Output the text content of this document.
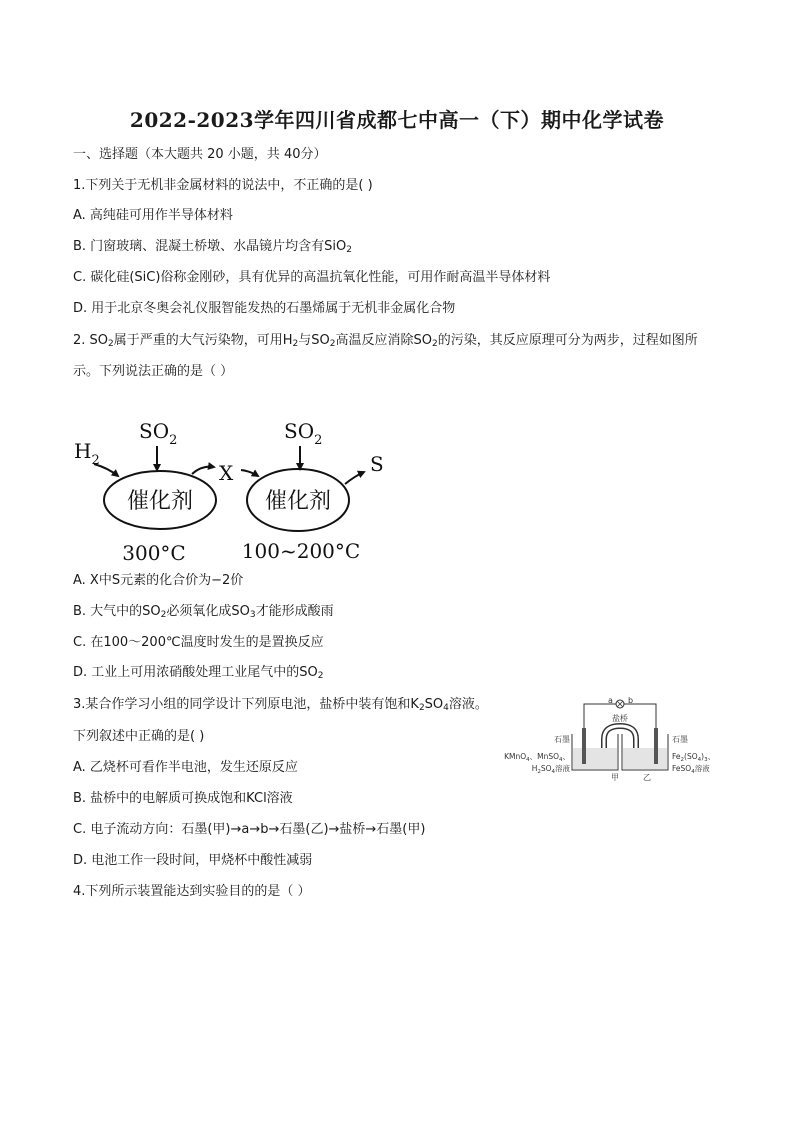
2022-2023学年四川省成都七中高一（下）期中化学试卷
一、选择题（本大题共 20 小题，共 40分）
1.下列关于无机非金属材料的说法中，不正确的是( )
A. 高纯硅可用作半导体材料
B. 门窗玻璃、混凝土桥墩、水晶镜片均含有SiO$_2$
C. 碳化硅(SiC)俗称金刚砂，具有优异的高温抗氧化性能，可用作耐高温半导体材料
D. 用于北京冬奥会礼仪服智能发热的石墨烯属于无机非金属化合物
2. $SO_2$属于严重的大气污染物，可用$H_2$与$SO_2$高温反应消除$SO_2$的污染，其反应原理可分为两步，过程如图所
示。下列说法正确的是（ ）
$H_2$
$SO_2$
催化剂
X
$SO_2$
催化剂
S
300°C	100~200°C
A. X中S元素的化合价为−2价
B. 大气中的$SO_2$必须氧化成$SO_3$才能形成酸雨
C. 在100～200℃温度时发生的是置换反应
D. 工业上可用浓硝酸处理工业尾气中的$SO_2$
3.某合作学习小组的同学设计下列原电池，盐桥中装有饱和$K_2SO_4$溶液。
下列叙述中正确的是( )
A. 乙烧杯可看作半电池，发生还原反应
B. 盐桥中的电解质可换成饱和KCl溶液
C. 电子流动方向：石墨(甲)→a→b→石墨(乙)→盐桥→石墨(甲)
D. 电池工作一段时间，甲烧杯中酸性减弱
a b
盐桥
石墨	石墨
KMnO$_4$、MnSO$_4$、
$H_2SO_4$溶液
$Fe_2(SO_4)_3$、
FeSO$_4$溶液
甲	乙
4.下列所示装置能达到实验目的的是（ ）
